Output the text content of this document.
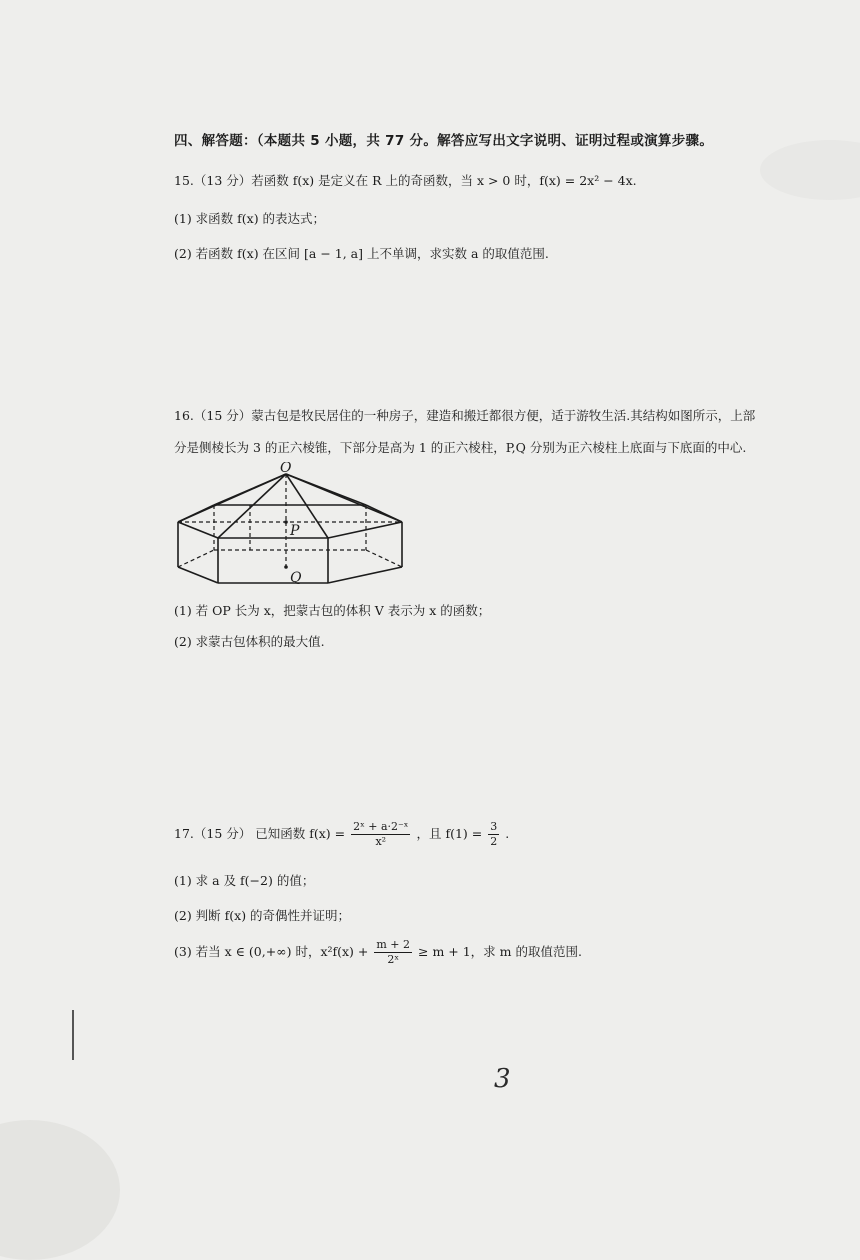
四、解答题：（本题共 5 小题，共 77 分。解答应写出文字说明、证明过程或演算步骤。
15.（13 分）若函数 f(x) 是定义在 R 上的奇函数，当 x > 0 时，f(x) = 2x² − 4x.
(1) 求函数 f(x) 的表达式；
(2) 若函数 f(x) 在区间 [a − 1, a] 上不单调，求实数 a 的取值范围.
16.（15 分）蒙古包是牧民居住的一种房子，建造和搬迁都很方便，适于游牧生活.其结构如图所示，上部
分是侧棱长为 3 的正六棱锥，下部分是高为 1 的正六棱柱，P,Q 分别为正六棱柱上底面与下底面的中心.
O
P
Q
(1) 若 OP 长为 x，把蒙古包的体积 V 表示为 x 的函数；
(2) 求蒙古包体积的最大值.
17.（15 分） 已知函数 $f(x) = \frac{\text{2ˣ + a·2⁻ˣ}}{\text{x²}}$ ，且 $f(1) = \frac{3}{2}$ .
(1) 求 a 及 f(−2) 的值；
(2) 判断 f(x) 的奇偶性并证明；
(3) 若当 x ∈ (0,+∞) 时，$x^2f(x) + \frac{m + 2}{\text{2ˣ}} \ge m + 1$，求 m 的取值范围.
3
